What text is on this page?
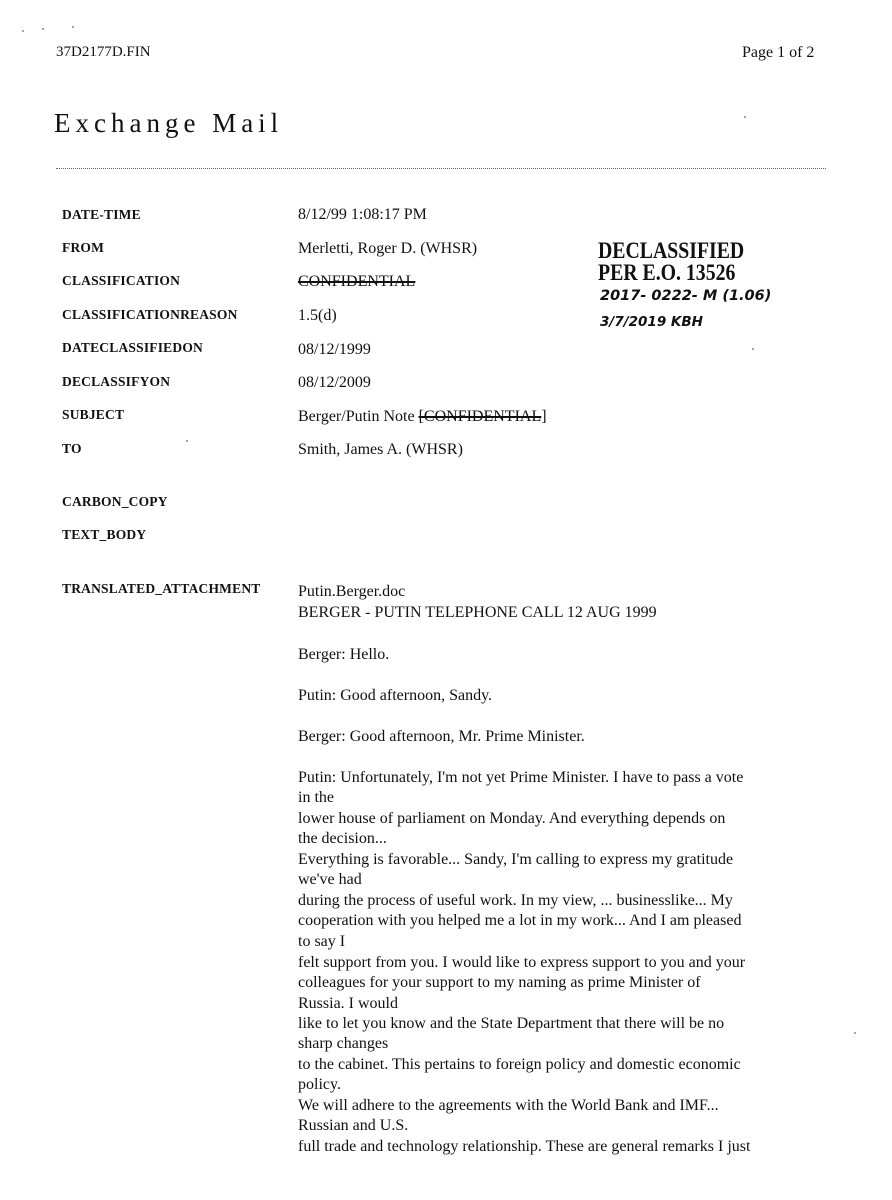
37D2177D.FIN	Page 1 of 2
Exchange Mail
DATE-TIME
FROM
CLASSIFICATION
CLASSIFICATIONREASON
DATECLASSIFIEDON
DECLASSIFYON
SUBJECT
TO
CARBON_COPY
TEXT_BODY
TRANSLATED_ATTACHMENT
8/12/99 1:08:17 PM
Merletti, Roger D. (WHSR)
CONFIDENTIAL
1.5(d)
08/12/1999
08/12/2009
Berger/Putin Note [CONFIDENTIAL]
Smith, James A. (WHSR)
Putin.Berger.doc
DECLASSIFIED
PER E.O. 13526
2017- 0222- M (1.06)
3/7/2019 KBH
BERGER - PUTIN TELEPHONE CALL 12 AUG 1999
Berger: Hello.
Putin: Good afternoon, Sandy.
Berger: Good afternoon, Mr. Prime Minister.
Putin: Unfortunately, I'm not yet Prime Minister. I have to pass a vote
in the
lower house of parliament on Monday. And everything depends on
the decision...
Everything is favorable... Sandy, I'm calling to express my gratitude
we've had
during the process of useful work. In my view, ... businesslike... My
cooperation with you helped me a lot in my work... And I am pleased
to say I
felt support from you. I would like to express support to you and your
colleagues for your support to my naming as prime Minister of
Russia. I would
like to let you know and the State Department that there will be no
sharp changes
to the cabinet. This pertains to foreign policy and domestic economic
policy.
We will adhere to the agreements with the World Bank and IMF...
Russian and U.S.
full trade and technology relationship. These are general remarks I just
